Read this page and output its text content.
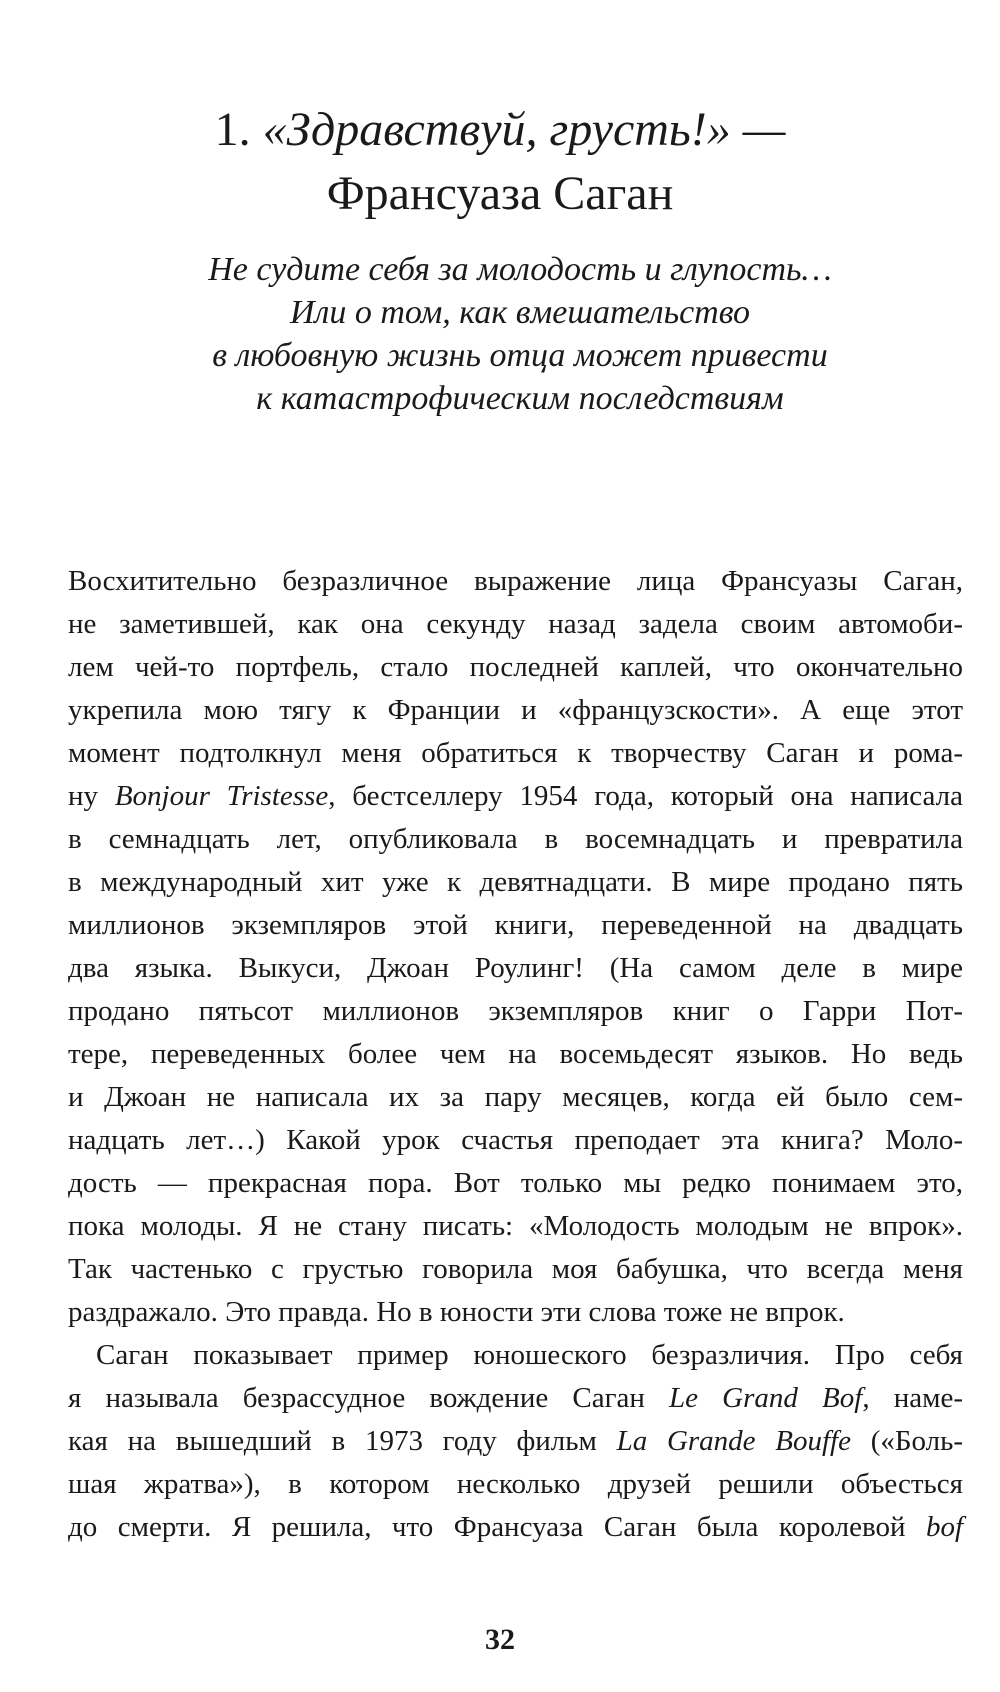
1. «Здравствуй, грусть!» —
Франсуаза Саган
Не судите себя за молодость и глупость…
Или о том, как вмешательство
в любовную жизнь отца может привести
к катастрофическим последствиям
Восхитительно безразличное выражение лица Франсуазы Саган,
не заметившей, как она секунду назад задела своим автомоби-
лем чей-то портфель, стало последней каплей, что окончательно
укрепила мою тягу к Франции и «французскости». А еще этот
момент подтолкнул меня обратиться к творчеству Саган и рома-
ну Bonjour Tristesse, бестселлеру 1954 года, который она написала
в семнадцать лет, опубликовала в восемнадцать и превратила
в международный хит уже к девятнадцати. В мире продано пять
миллионов экземпляров этой книги, переведенной на двадцать
два языка. Выкуси, Джоан Роулинг! (На самом деле в мире
продано пятьсот миллионов экземпляров книг о Гарри Пот-
тере, переведенных более чем на восемьдесят языков. Но ведь
и Джоан не написала их за пару месяцев, когда ей было сем-
надцать лет…) Какой урок счастья преподает эта книга? Моло-
дость — прекрасная пора. Вот только мы редко понимаем это,
пока молоды. Я не стану писать: «Молодость молодым не впрок».
Так частенько с грустью говорила моя бабушка, что всегда меня
раздражало. Это правда. Но в юности эти слова тоже не впрок.
Саган показывает пример юношеского безразличия. Про себя
я называла безрассудное вождение Саган Le Grand Bof, наме-
кая на вышедший в 1973 году фильм La Grande Bouffe («Боль-
шая жратва»), в котором несколько друзей решили объесться
до смерти. Я решила, что Франсуаза Саган была королевой bof
32
